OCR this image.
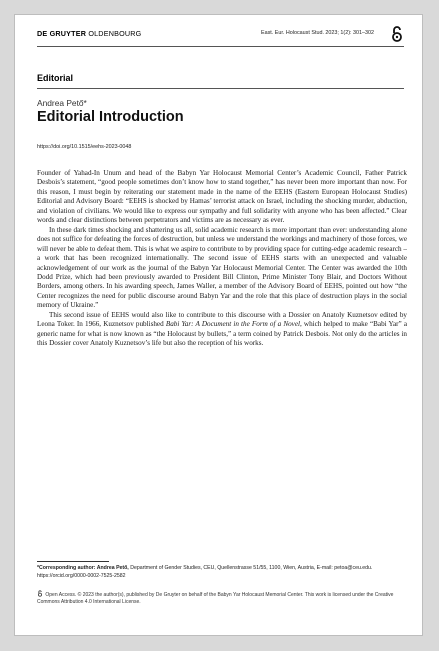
DE GRUYTER OLDENBOURG	East. Eur. Holocaust Stud. 2023; 1(2): 301–302
Editorial
Andrea Pető*
Editorial Introduction
https://doi.org/10.1515/eehs-2023-0048

Founder of Yahad-In Unum and head of the Babyn Yar Holocaust Memorial Center’s Academic Council, Father Patrick Desbois’s statement, “good people sometimes don’t know how to stand together,” has never been more important than now. For this reason, I must begin by reiterating our statement made in the name of the EEHS (Eastern European Holocaust Studies) Editorial and Advisory Board: “EEHS is shocked by Hamas’ terrorist attack on Israel, including the shocking murder, abduction, and violation of civilians. We would like to express our sympathy and full solidarity with anyone who has been affected.” Clear words and clear distinctions between perpetrators and victims are as necessary as ever.

In these dark times shocking and shattering us all, solid academic research is more important than ever: understanding alone does not suffice for defeating the forces of destruction, but unless we understand the workings and machinery of those forces, we will never be able to defeat them. This is what we aspire to contribute to by providing space for cutting-edge academic research – a work that has been recognized internationally. The second issue of EEHS starts with an unexpected and valuable acknowledgement of our work as the journal of the Babyn Yar Holocaust Memorial Center. The Center was awarded the 10th Dodd Prize, which had been previously awarded to President Bill Clinton, Prime Minister Tony Blair, and Doctors Without Borders, among others. In his awarding speech, James Waller, a member of the Advisory Board of EEHS, pointed out how “the Center recognizes the need for public discourse around Babyn Yar and the role that this place of destruction plays in the social memory of Ukraine.”

This second issue of EEHS would also like to contribute to this discourse with a Dossier on Anatoly Kuznetsov edited by Leona Toker. In 1966, Kuznetsov published Babi Yar: A Document in the Form of a Novel, which helped to make “Babi Yar” a generic name for what is now known as “the Holocaust by bullets,” a term coined by Patrick Desbois. Not only do the articles in this Dossier cover Anatoly Kuznetsov’s life but also the reception of his works.

*Corresponding author: Andrea Pető, Department of Gender Studies, CEU, Quellenstrasse 51/55, 1100, Wien, Austria, E-mail: petoa@ceu.edu. https://orcid.org/0000-0002-7525-2582
Open Access. © 2023 the author(s), published by De Gruyter on behalf of the Babyn Yar Holocaust Memorial Center. This work is licensed under the Creative Commons Attribution 4.0 International License.
